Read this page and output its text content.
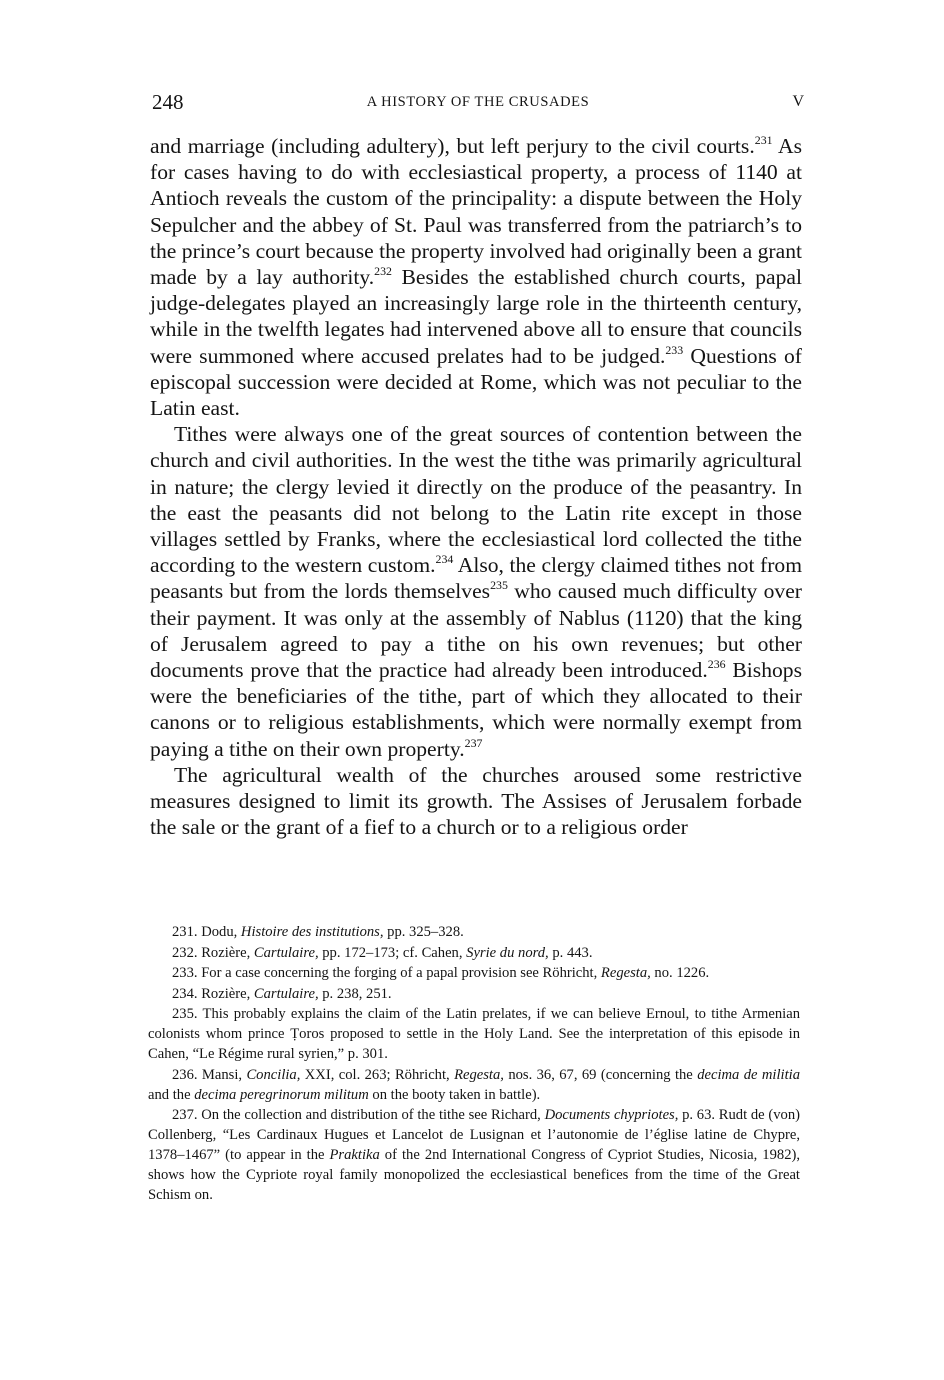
248	A HISTORY OF THE CRUSADES	V

and marriage (including adultery), but left perjury to the civil courts.$^{231}$ As for cases having to do with ecclesiastical property, a process of 1140 at Antioch reveals the custom of the principality: a dispute between the Holy Sepulcher and the abbey of St. Paul was transferred from the patriarch’s to the prince’s court because the property involved had originally been a grant made by a lay authority.$^{232}$ Besides the established church courts, papal judge-delegates played an increasingly large role in the thirteenth century, while in the twelfth legates had intervened above all to ensure that councils were summoned where accused prelates had to be judged.$^{233}$ Questions of episcopal succession were decided at Rome, which was not peculiar to the Latin east.

Tithes were always one of the great sources of contention between the church and civil authorities. In the west the tithe was primarily agricultural in nature; the clergy levied it directly on the produce of the peasantry. In the east the peasants did not belong to the Latin rite except in those villages settled by Franks, where the ecclesiastical lord collected the tithe according to the western custom.$^{234}$ Also, the clergy claimed tithes not from peasants but from the lords themselves$^{235}$ who caused much difficulty over their payment. It was only at the assembly of Nablus (1120) that the king of Jerusalem agreed to pay a tithe on his own revenues; but other documents prove that the practice had already been introduced.$^{236}$ Bishops were the beneficiaries of the tithe, part of which they allocated to their canons or to religious establishments, which were normally exempt from paying a tithe on their own property.$^{237}$

The agricultural wealth of the churches aroused some restrictive measures designed to limit its growth. The Assises of Jerusalem forbade the sale or the grant of a fief to a church or to a religious order

231. Dodu, Histoire des institutions, pp. 325–328.

232. Rozière, Cartulaire, pp. 172–173; cf. Cahen, Syrie du nord, p. 443.

233. For a case concerning the forging of a papal provision see Röhricht, Regesta, no. 1226.

234. Rozière, Cartulaire, p. 238, 251.

235. This probably explains the claim of the Latin prelates, if we can believe Ernoul, to tithe Armenian colonists whom prince Ṭoros proposed to settle in the Holy Land. See the interpretation of this episode in Cahen, “Le Régime rural syrien,” p. 301.

236. Mansi, Concilia, XXI, col. 263; Röhricht, Regesta, nos. 36, 67, 69 (concerning the decima de militia and the decima peregrinorum militum on the booty taken in battle).

237. On the collection and distribution of the tithe see Richard, Documents chypriotes, p. 63. Rudt de (von) Collenberg, “Les Cardinaux Hugues et Lancelot de Lusignan et l’autonomie de l’église latine de Chypre, 1378–1467” (to appear in the Praktika of the 2nd International Congress of Cypriot Studies, Nicosia, 1982), shows how the Cypriote royal family monopolized the ecclesiastical benefices from the time of the Great Schism on.
